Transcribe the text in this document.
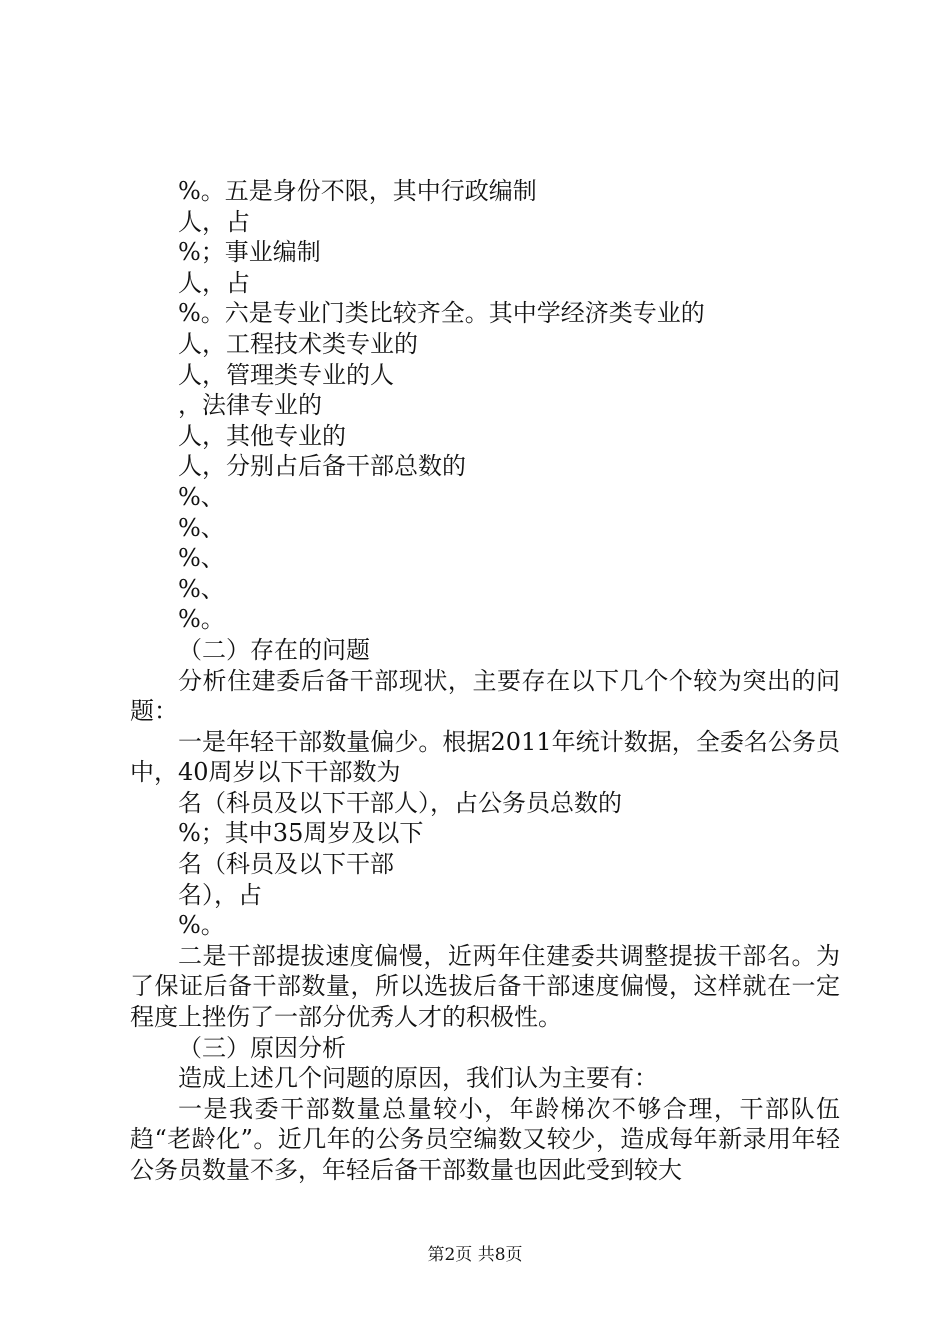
%。五是身份不限，其中行政编制
人，占
%；事业编制
人，占
%。六是专业门类比较齐全。其中学经济类专业的
人，工程技术类专业的
人，管理类专业的人
，法律专业的
人，其他专业的
人，分别占后备干部总数的
%、
%、
%、
%、
%。
（二）存在的问题
分析住建委后备干部现状，主要存在以下几个个较为突出的问题：
一是年轻干部数量偏少。根据2011年统计数据，全委名公务员中，40周岁以下干部数为
名（科员及以下干部人），占公务员总数的
%；其中35周岁及以下
名（科员及以下干部
名），占
%。
二是干部提拔速度偏慢，近两年住建委共调整提拔干部名。为了保证后备干部数量，所以选拔后备干部速度偏慢，这样就在一定程度上挫伤了一部分优秀人才的积极性。
（三）原因分析
造成上述几个问题的原因，我们认为主要有：
一是我委干部数量总量较小，年龄梯次不够合理，干部队伍趋“老龄化”。近几年的公务员空编数又较少，造成每年新录用年轻公务员数量不多，年轻后备干部数量也因此受到较大
第2页 共8页
